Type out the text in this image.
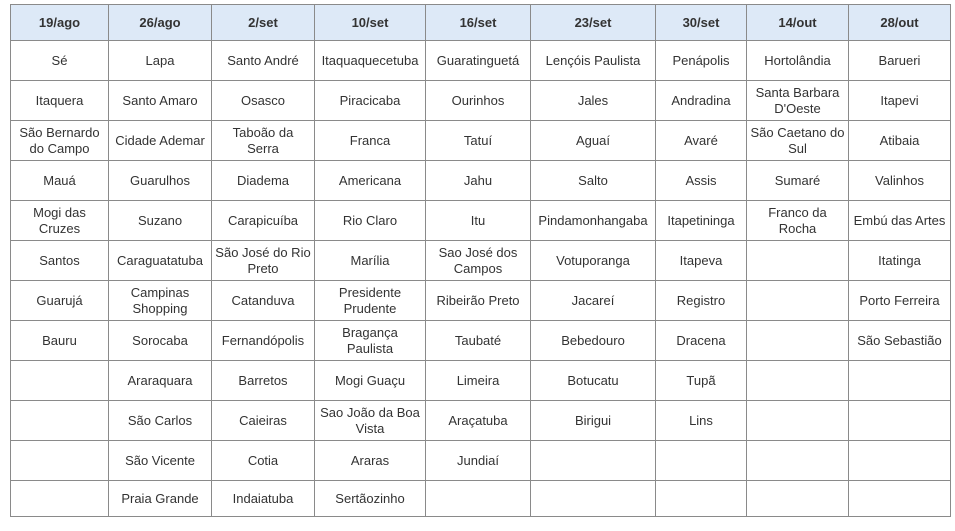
19/ago	26/ago	2/set	10/set	16/set	23/set	30/set	14/out	28/out
Sé	Lapa	Santo André	Itaquaquecetuba	Guaratinguetá	Lençóis Paulista	Penápolis	Hortolândia	Barueri
Itaquera	Santo Amaro	Osasco	Piracicaba	Ourinhos	Jales	Andradina	Santa Barbara D'Oeste	Itapevi
São Bernardo do Campo	Cidade Ademar	Taboão da Serra	Franca	Tatuí	Aguaí	Avaré	São Caetano do Sul	Atibaia
Mauá	Guarulhos	Diadema	Americana	Jahu	Salto	Assis	Sumaré	Valinhos
Mogi das Cruzes	Suzano	Carapicuíba	Rio Claro	Itu	Pindamonhangaba	Itapetininga	Franco da Rocha	Embú das Artes
Santos	Caraguatatuba	São José do Rio Preto	Marília	Sao José dos Campos	Votuporanga	Itapeva		Itatinga
Guarujá	Campinas Shopping	Catanduva	Presidente Prudente	Ribeirão Preto	Jacareí	Registro		Porto Ferreira
Bauru	Sorocaba	Fernandópolis	Bragança Paulista	Taubaté	Bebedouro	Dracena		São Sebastião
	Araraquara	Barretos	Mogi Guaçu	Limeira	Botucatu	Tupã		
	São Carlos	Caieiras	Sao João da Boa Vista	Araçatuba	Birigui	Lins		
	São Vicente	Cotia	Araras	Jundiaí				
	Praia Grande	Indaiatuba	Sertãozinho					
